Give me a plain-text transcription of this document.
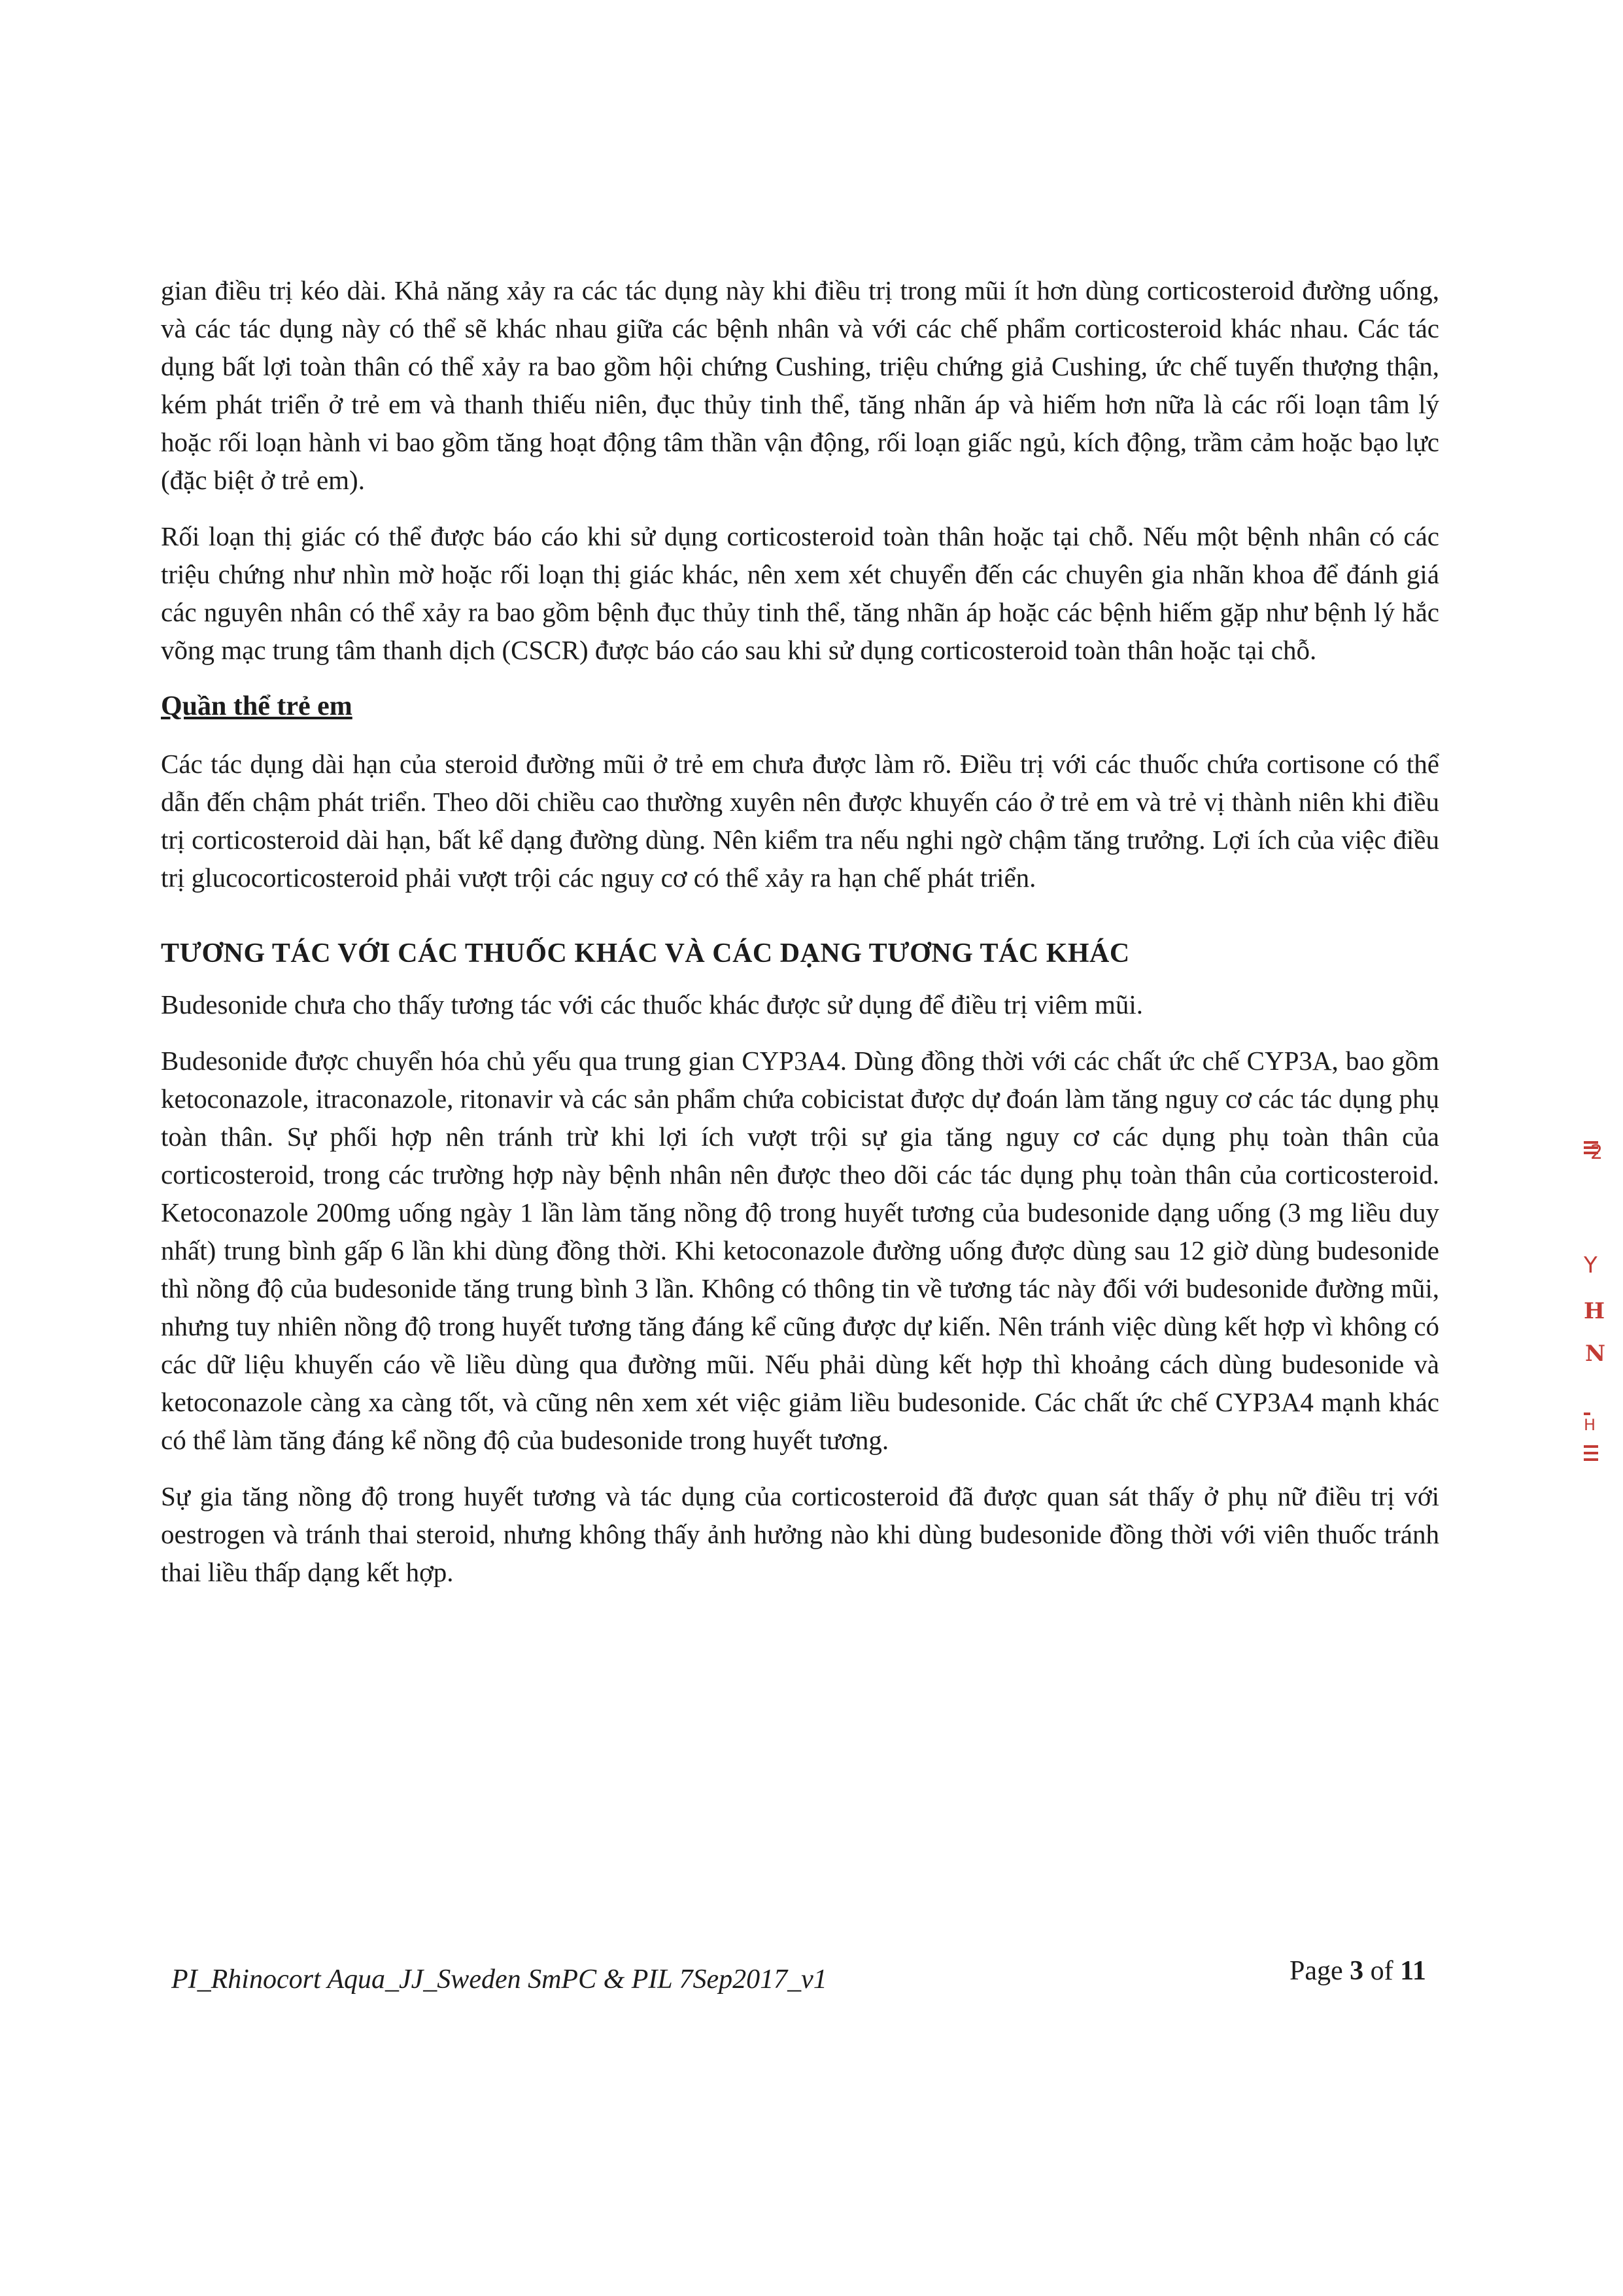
gian điều trị kéo dài. Khả năng xảy ra các tác dụng này khi điều trị trong mũi ít hơn dùng corticosteroid đường uống, và các tác dụng này có thể sẽ khác nhau giữa các bệnh nhân và với các chế phẩm corticosteroid khác nhau. Các tác dụng bất lợi toàn thân có thể xảy ra bao gồm hội chứng Cushing, triệu chứng giả Cushing, ức chế tuyến thượng thận, kém phát triển ở trẻ em và thanh thiếu niên, đục thủy tinh thể, tăng nhãn áp và hiếm hơn nữa là các rối loạn tâm lý hoặc rối loạn hành vi bao gồm tăng hoạt động tâm thần vận động, rối loạn giấc ngủ, kích động, trầm cảm hoặc bạo lực (đặc biệt ở trẻ em).

Rối loạn thị giác có thể được báo cáo khi sử dụng corticosteroid toàn thân hoặc tại chỗ. Nếu một bệnh nhân có các triệu chứng như nhìn mờ hoặc rối loạn thị giác khác, nên xem xét chuyển đến các chuyên gia nhãn khoa để đánh giá các nguyên nhân có thể xảy ra bao gồm bệnh đục thủy tinh thể, tăng nhãn áp hoặc các bệnh hiếm gặp như bệnh lý hắc võng mạc trung tâm thanh dịch (CSCR) được báo cáo sau khi sử dụng corticosteroid toàn thân hoặc tại chỗ.

Quần thể trẻ em

Các tác dụng dài hạn của steroid đường mũi ở trẻ em chưa được làm rõ. Điều trị với các thuốc chứa cortisone có thể dẫn đến chậm phát triển. Theo dõi chiều cao thường xuyên nên được khuyến cáo ở trẻ em và trẻ vị thành niên khi điều trị corticosteroid dài hạn, bất kể dạng đường dùng. Nên kiểm tra nếu nghi ngờ chậm tăng trưởng. Lợi ích của việc điều trị glucocorticosteroid phải vượt trội các nguy cơ có thể xảy ra hạn chế phát triển.

TƯƠNG TÁC VỚI CÁC THUỐC KHÁC VÀ CÁC DẠNG TƯƠNG TÁC KHÁC

Budesonide chưa cho thấy tương tác với các thuốc khác được sử dụng để điều trị viêm mũi.

Budesonide được chuyển hóa chủ yếu qua trung gian CYP3A4. Dùng đồng thời với các chất ức chế CYP3A, bao gồm ketoconazole, itraconazole, ritonavir và các sản phẩm chứa cobicistat được dự đoán làm tăng nguy cơ các tác dụng phụ toàn thân. Sự phối hợp nên tránh trừ khi lợi ích vượt trội sự gia tăng nguy cơ các dụng phụ toàn thân của corticosteroid, trong các trường hợp này bệnh nhân nên được theo dõi các tác dụng phụ toàn thân của corticosteroid. Ketoconazole 200mg uống ngày 1 lần làm tăng nồng độ trong huyết tương của budesonide dạng uống (3 mg liều duy nhất) trung bình gấp 6 lần khi dùng đồng thời. Khi ketoconazole đường uống được dùng sau 12 giờ dùng budesonide thì nồng độ của budesonide tăng trung bình 3 lần. Không có thông tin về tương tác này đối với budesonide đường mũi, nhưng tuy nhiên nồng độ trong huyết tương tăng đáng kể cũng được dự kiến. Nên tránh việc dùng kết hợp vì không có các dữ liệu khuyến cáo về liều dùng qua đường mũi. Nếu phải dùng kết hợp thì khoảng cách dùng budesonide và ketoconazole càng xa càng tốt, và cũng nên xem xét việc giảm liều budesonide. Các chất ức chế CYP3A4 mạnh khác có thể làm tăng đáng kể nồng độ của budesonide trong huyết tương.

Sự gia tăng nồng độ trong huyết tương và tác dụng của corticosteroid đã được quan sát thấy ở phụ nữ điều trị với oestrogen và tránh thai steroid, nhưng không thấy ảnh hưởng nào khi dùng budesonide đồng thời với viên thuốc tránh thai liều thấp dạng kết hợp.

2
Y
H
N
H
PI_Rhinocort Aqua_JJ_Sweden SmPC & PIL 7Sep2017_v1	Page 3 of 11
